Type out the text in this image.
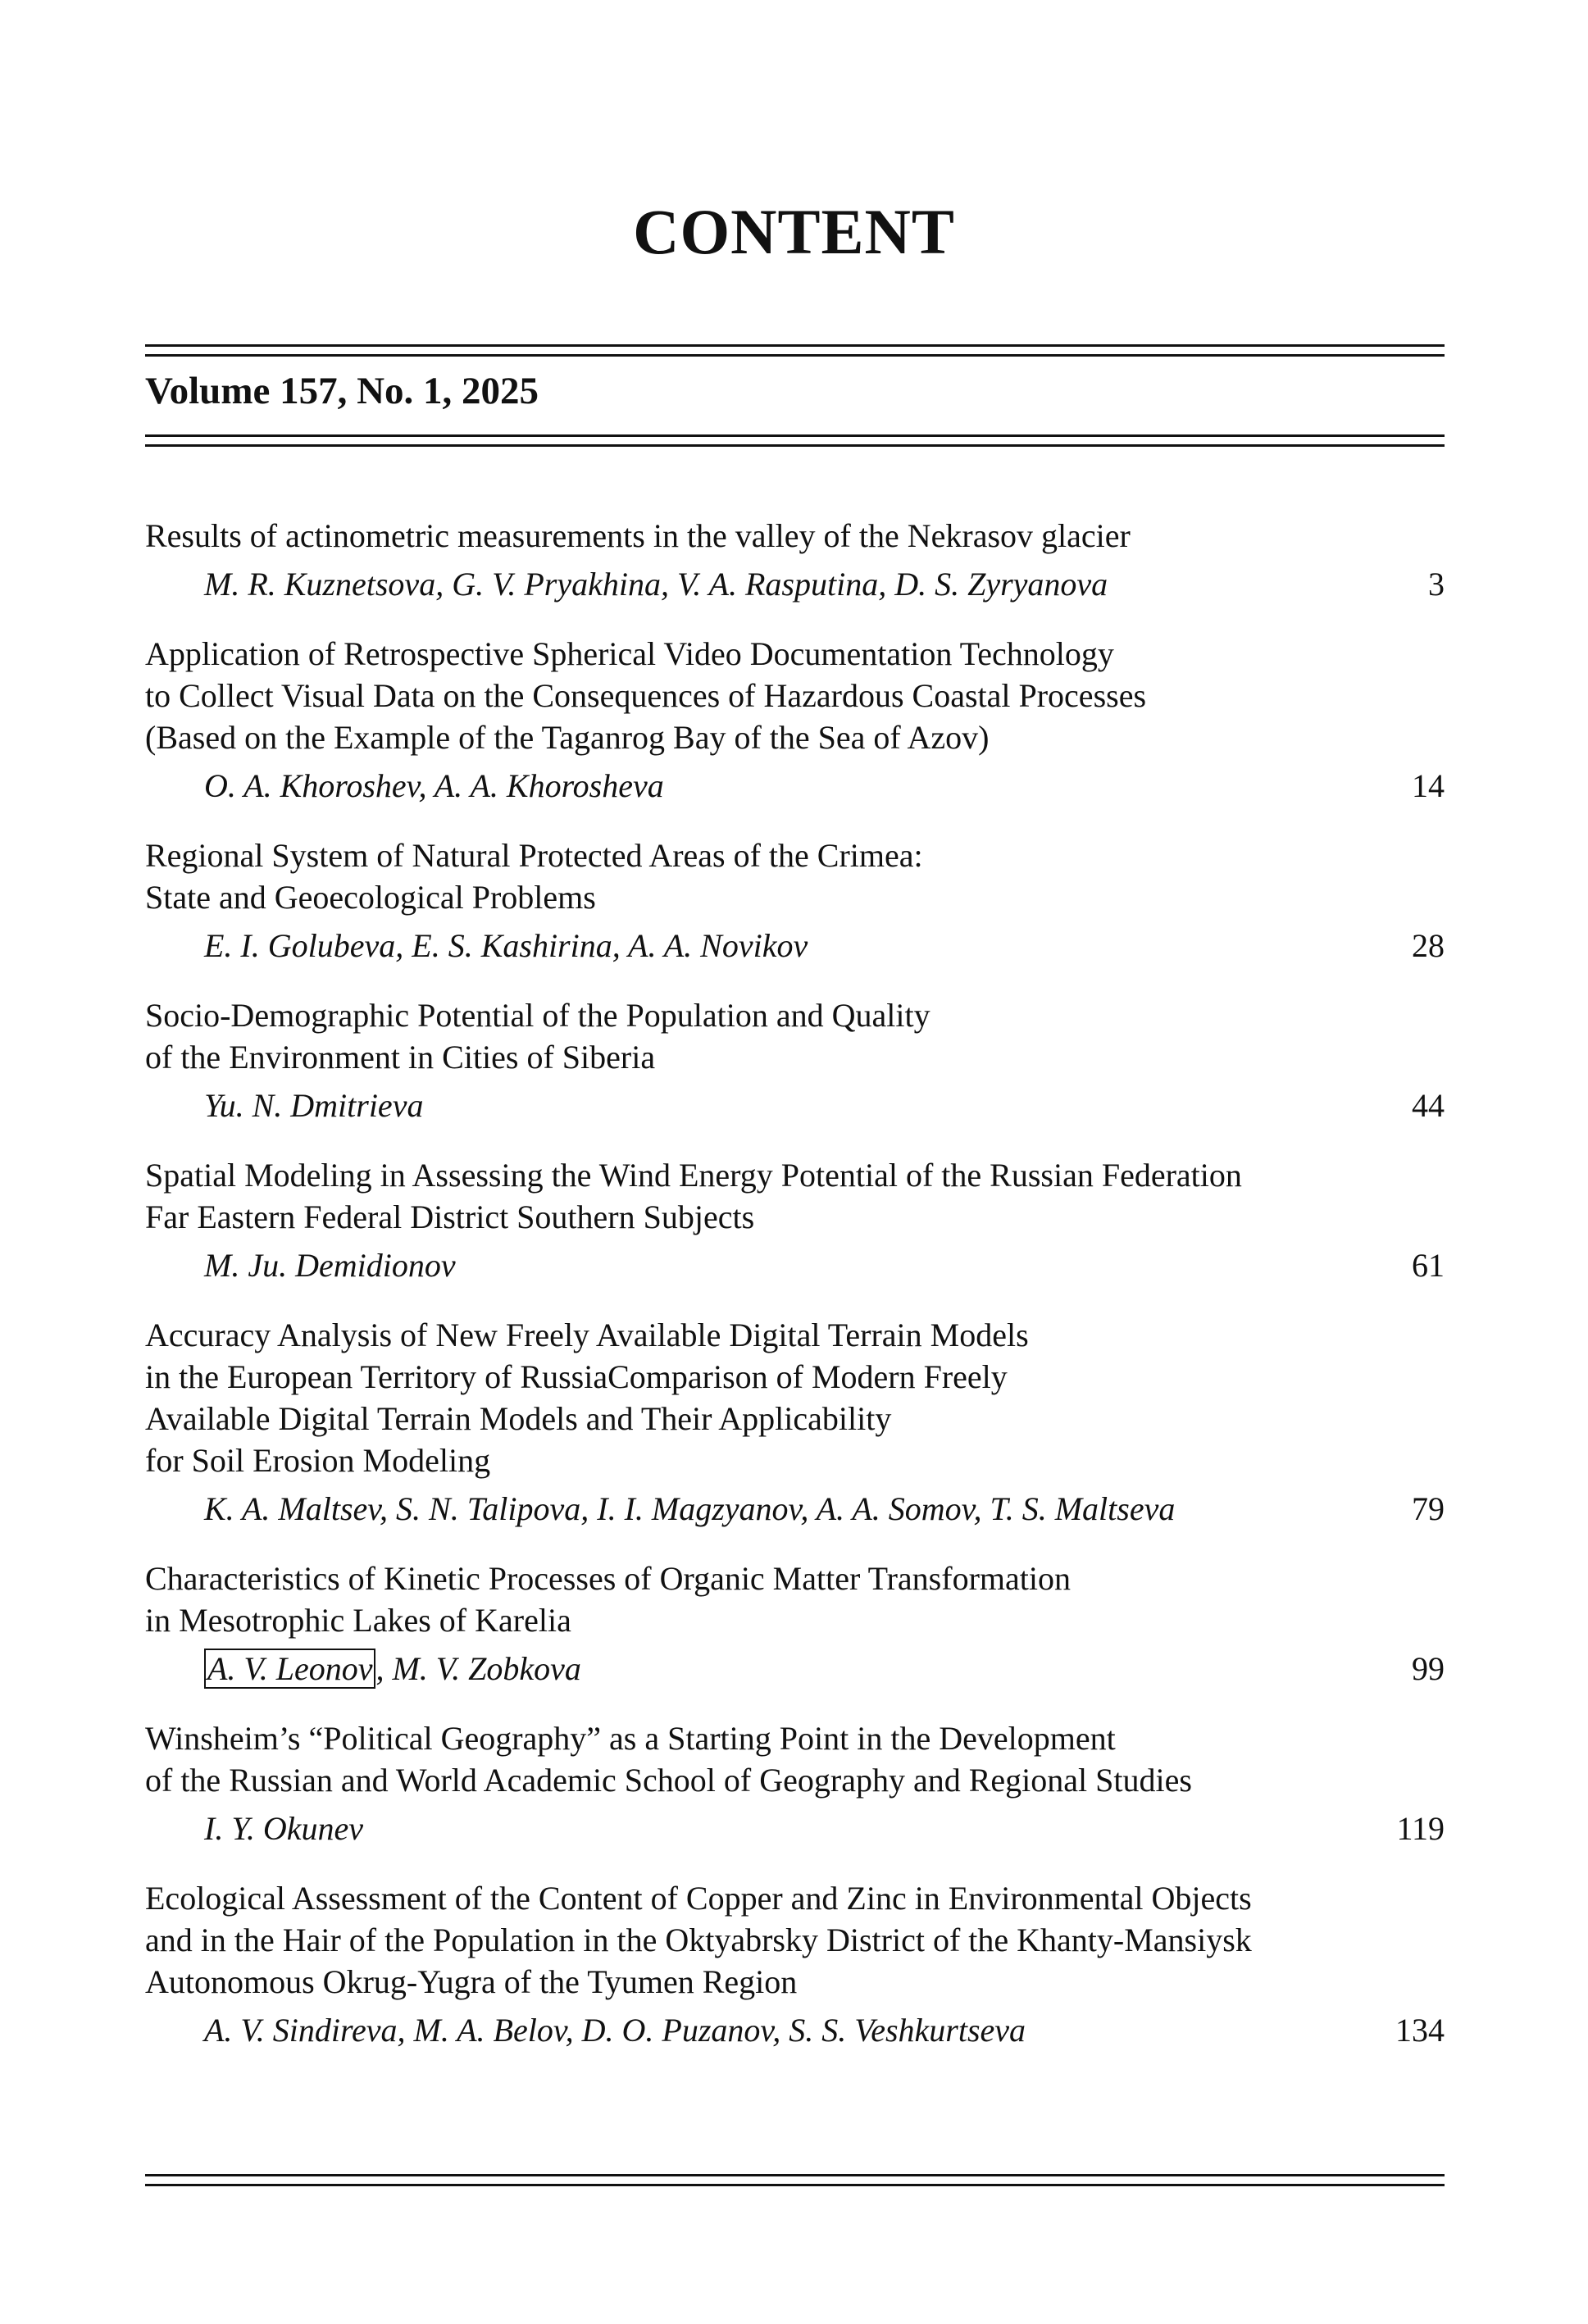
CONTENT
Volume 157, No. 1, 2025
Results of actinometric measurements in the valley of the Nekrasov glacier
M. R. Kuznetsova, G. V. Pryakhina, V. A. Rasputina, D. S. Zyryanova	3
Application of Retrospective Spherical Video Documentation Technology
to Collect Visual Data on the Consequences of Hazardous Coastal Processes
(Based on the Example of the Taganrog Bay of the Sea of Azov)
O. A. Khoroshev, A. A. Khorosheva	14
Regional System of Natural Protected Areas of the Crimea:
State and Geoecological Problems
E. I. Golubeva, E. S. Kashirina, A. A. Novikov	28
Socio-Demographic Potential of the Population and Quality
of the Environment in Cities of Siberia
Yu. N. Dmitrieva	44
Spatial Modeling in Assessing the Wind Energy Potential of the Russian Federation
Far Eastern Federal District Southern Subjects
M. Ju. Demidionov	61
Accuracy Analysis of New Freely Available Digital Terrain Models
in the European Territory of RussiaComparison of Modern Freely
Available Digital Terrain Models and Their Applicability
for Soil Erosion Modeling
K. A. Maltsev, S. N. Talipova, I. I. Magzyanov, A. A. Somov, T. S. Maltseva	79
Characteristics of Kinetic Processes of Organic Matter Transformation
in Mesotrophic Lakes of Karelia
A. V. Leonov , M. V. Zobkova	99
Winsheim’s “Political Geography” as a Starting Point in the Development
of the Russian and World Academic School of Geography and Regional Studies
I. Y. Okunev	119
Ecological Assessment of the Content of Copper and Zinc in Environmental Objects
and in the Hair of the Population in the Oktyabrsky District of the Khanty-Mansiysk
Autonomous Okrug-Yugra of the Tyumen Region
A. V. Sindireva, M. A. Belov, D. O. Puzanov, S. S. Veshkurtseva	134
